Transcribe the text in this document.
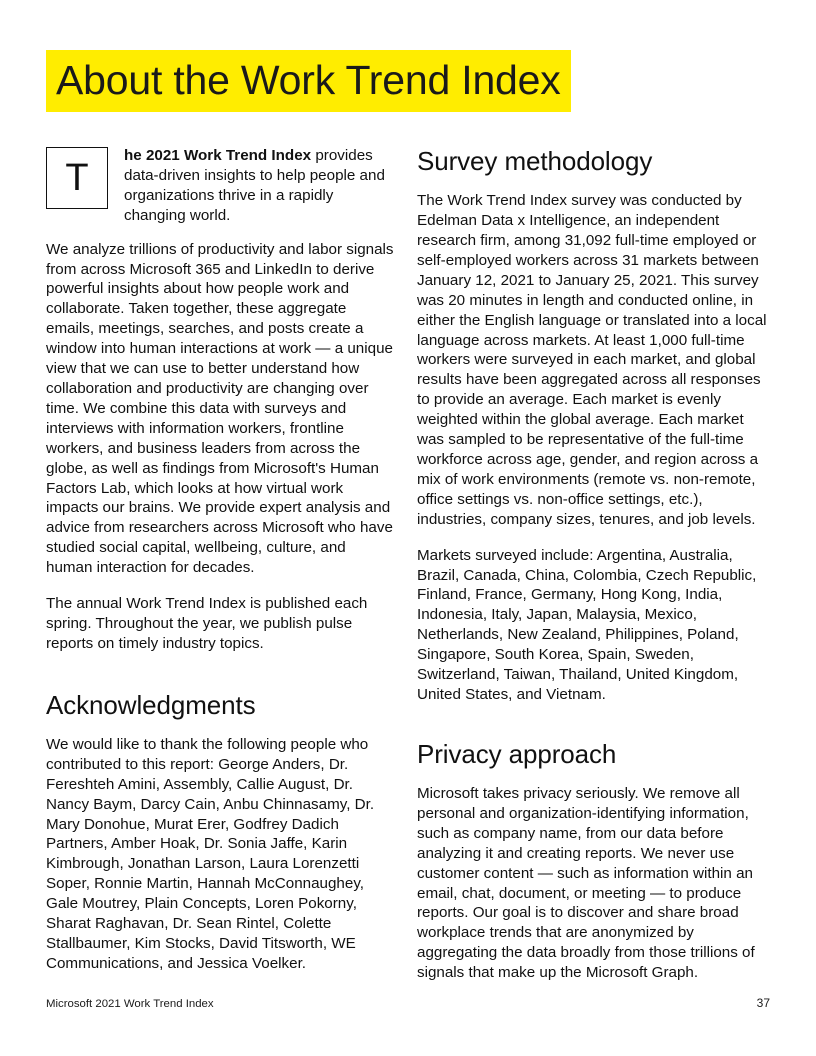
About the Work Trend Index
T
he 2021 Work Trend Index provides data-driven insights to help people and organizations thrive in a rapidly changing world.

We analyze trillions of productivity and labor signals from across Microsoft 365 and LinkedIn to derive powerful insights about how people work and collaborate. Taken together, these aggregate emails, meetings, searches, and posts create a window into human interactions at work — a unique view that we can use to better understand how collaboration and productivity are changing over time. We combine this data with surveys and interviews with information workers, frontline workers, and business leaders from across the globe, as well as findings from Microsoft's Human Factors Lab, which looks at how virtual work impacts our brains. We provide expert analysis and advice from researchers across Microsoft who have studied social capital, wellbeing, culture, and human interaction for decades.

The annual Work Trend Index is published each spring. Throughout the year, we publish pulse reports on timely industry topics.

Acknowledgments

We would like to thank the following people who contributed to this report: George Anders, Dr. Fereshteh Amini, Assembly, Callie August, Dr. Nancy Baym, Darcy Cain, Anbu Chinnasamy, Dr. Mary Donohue, Murat Erer, Godfrey Dadich Partners, Amber Hoak, Dr. Sonia Jaffe, Karin Kimbrough, Jonathan Larson, Laura Lorenzetti Soper, Ronnie Martin, Hannah McConnaughey, Gale Moutrey, Plain Concepts, Loren Pokorny, Sharat Raghavan, Dr. Sean Rintel, Colette Stallbaumer, Kim Stocks, David Titsworth, WE Communications, and Jessica Voelker.

Survey methodology

The Work Trend Index survey was conducted by Edelman Data x Intelligence, an independent research firm, among 31,092 full-time employed or self-employed workers across 31 markets between January 12, 2021 to January 25, 2021. This survey was 20 minutes in length and conducted online, in either the English language or translated into a local language across markets. At least 1,000 full-time workers were surveyed in each market, and global results have been aggregated across all responses to provide an average. Each market is evenly weighted within the global average. Each market was sampled to be representative of the full-time workforce across age, gender, and region across a mix of work environments (remote vs. non-remote, office settings vs. non-office settings, etc.), industries, company sizes, tenures, and job levels.

Markets surveyed include: Argentina, Australia, Brazil, Canada, China, Colombia, Czech Republic, Finland, France, Germany, Hong Kong, India, Indonesia, Italy, Japan, Malaysia, Mexico, Netherlands, New Zealand, Philippines, Poland, Singapore, South Korea, Spain, Sweden, Switzerland, Taiwan, Thailand, United Kingdom, United States, and Vietnam.

Privacy approach

Microsoft takes privacy seriously. We remove all personal and organization-identifying information, such as company name, from our data before analyzing it and creating reports. We never use customer content — such as information within an email, chat, document, or meeting — to produce reports. Our goal is to discover and share broad workplace trends that are anonymized by aggregating the data broadly from those trillions of signals that make up the Microsoft Graph.

Microsoft 2021 Work Trend Index	37
